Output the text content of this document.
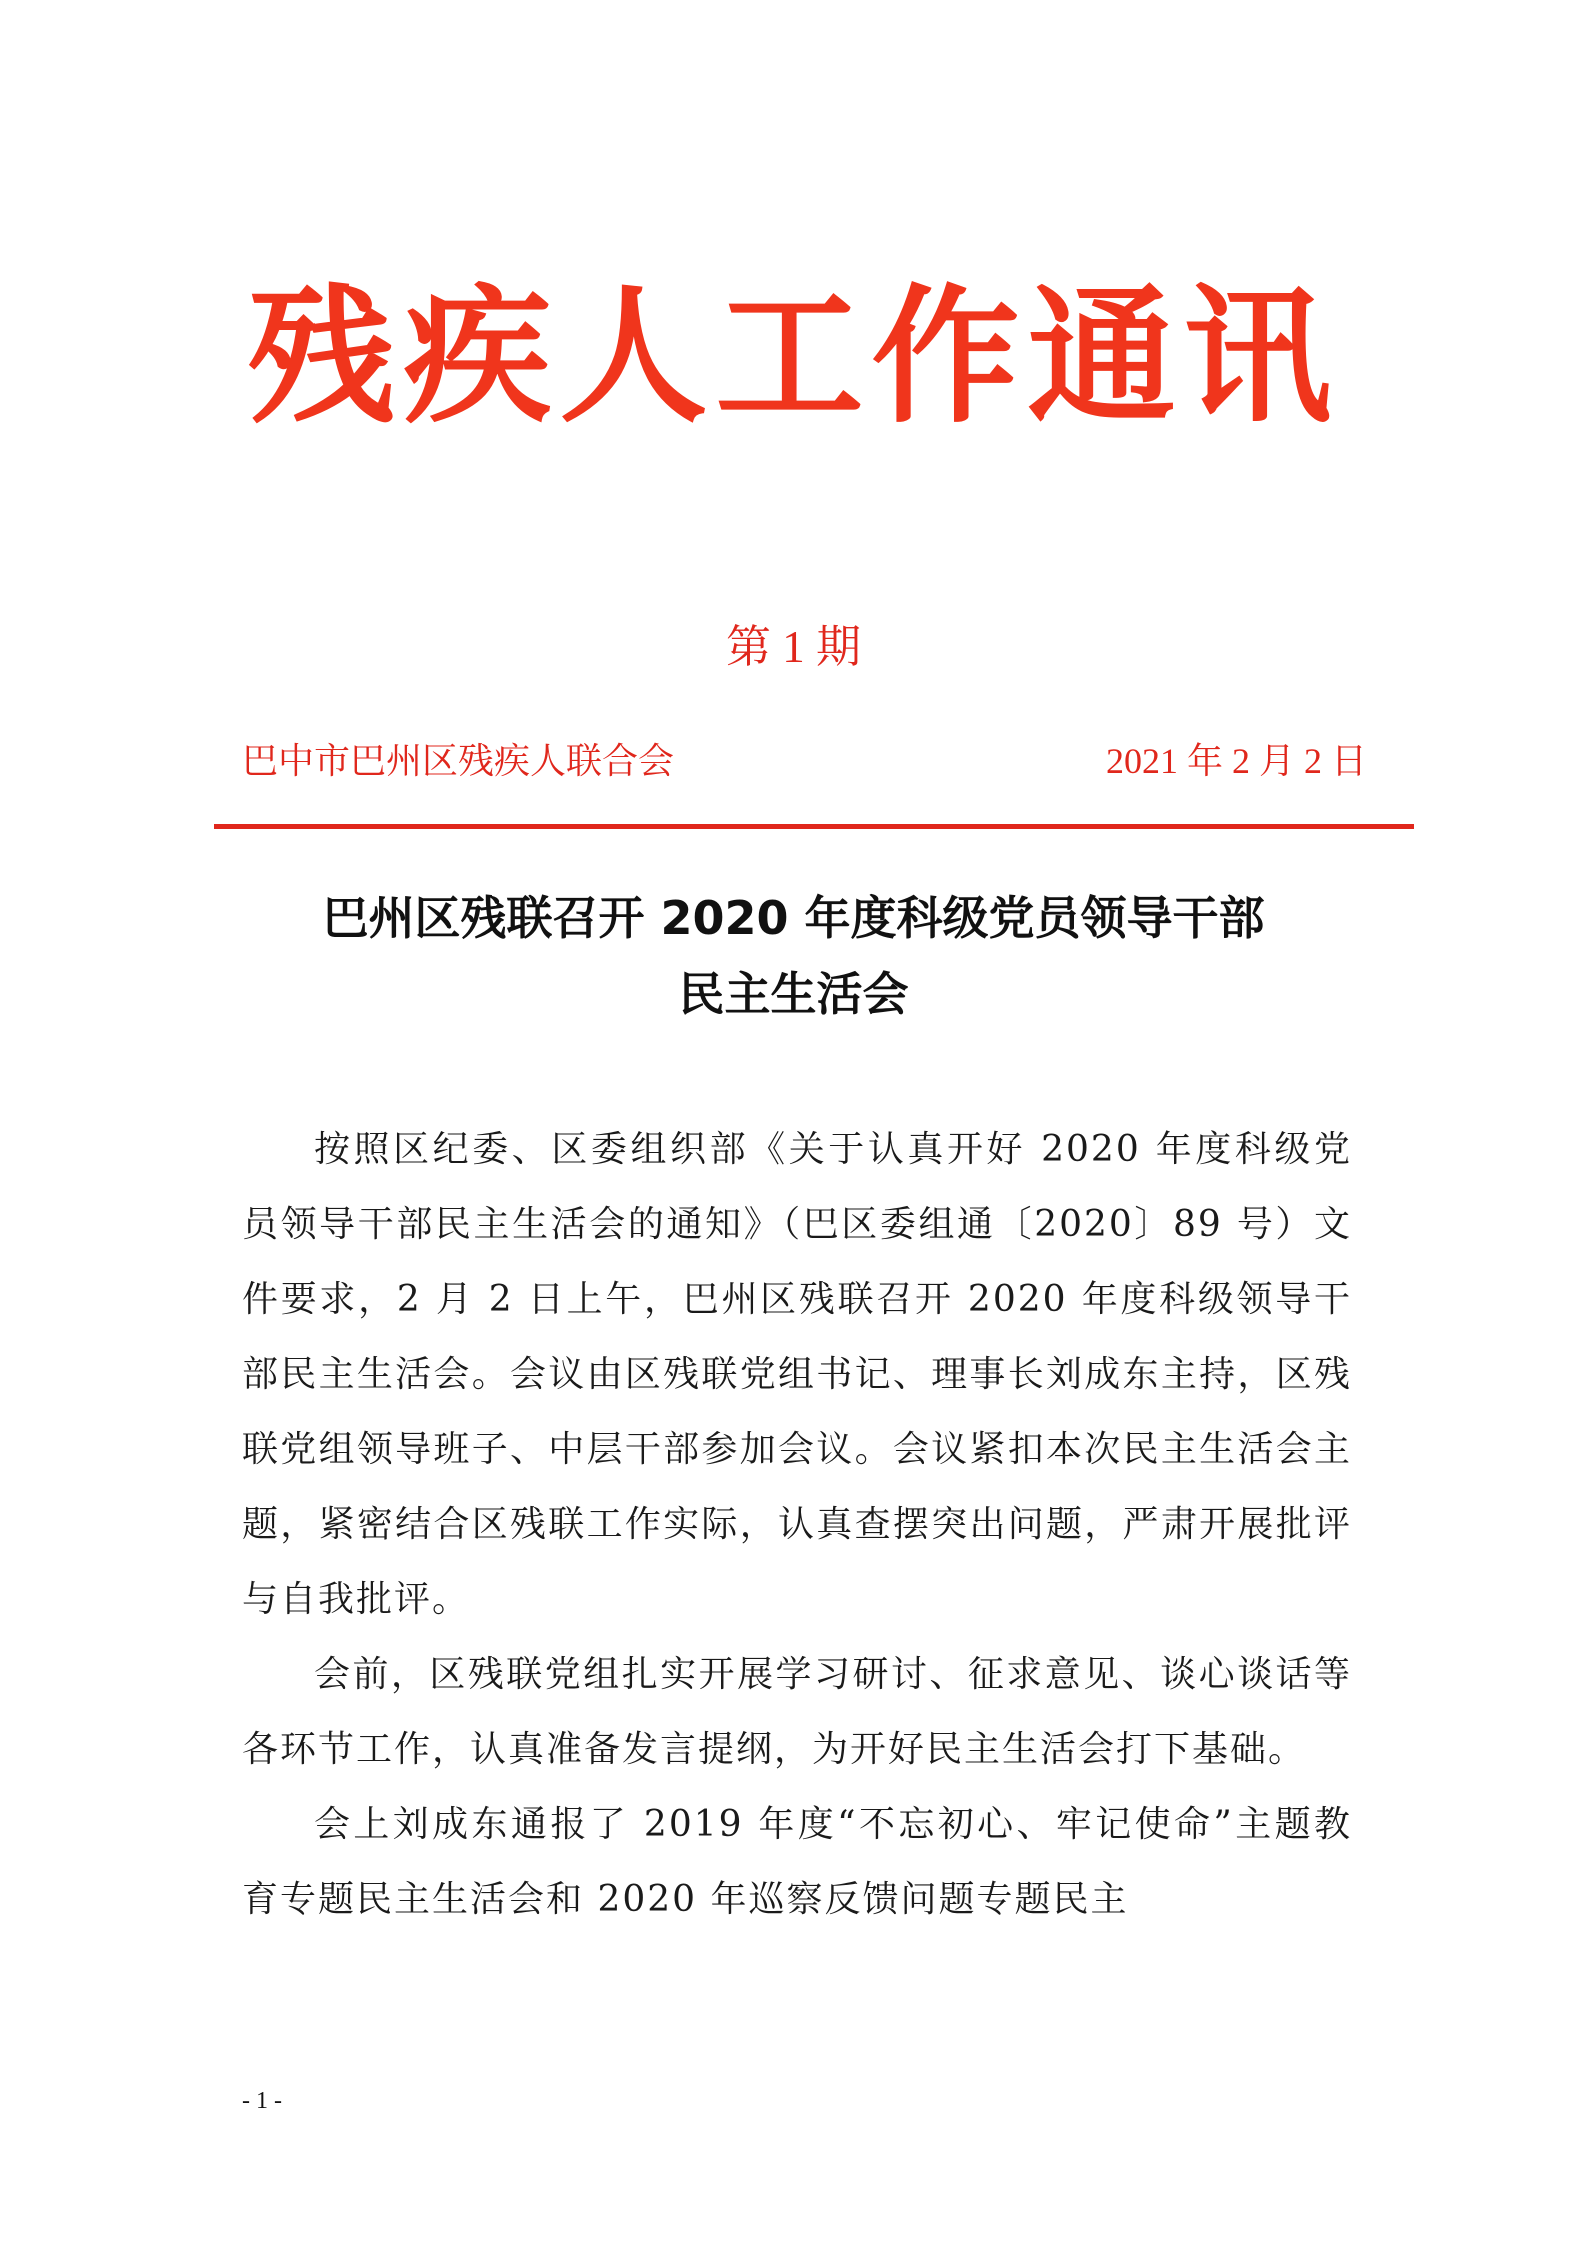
残疾人工作通讯
第 1 期
巴中市巴州区残疾人联合会	2021 年 2 月 2 日
巴州区残联召开 2020 年度科级党员领导干部
民主生活会

按照区纪委、区委组织部《关于认真开好 2020 年度科级党员领导干部民主生活会的通知》（巴区委组通〔2020〕89 号）文件要求，2 月 2 日上午，巴州区残联召开 2020 年度科级领导干部民主生活会。会议由区残联党组书记、理事长刘成东主持，区残联党组领导班子、中层干部参加会议。会议紧扣本次民主生活会主题，紧密结合区残联工作实际，认真查摆突出问题，严肃开展批评与自我批评。

会前，区残联党组扎实开展学习研讨、征求意见、谈心谈话等各环节工作，认真准备发言提纲，为开好民主生活会打下基础。

会上刘成东通报了 2019 年度“不忘初心、牢记使命”主题教育专题民主生活会和 2020 年巡察反馈问题专题民主

- 1 -
